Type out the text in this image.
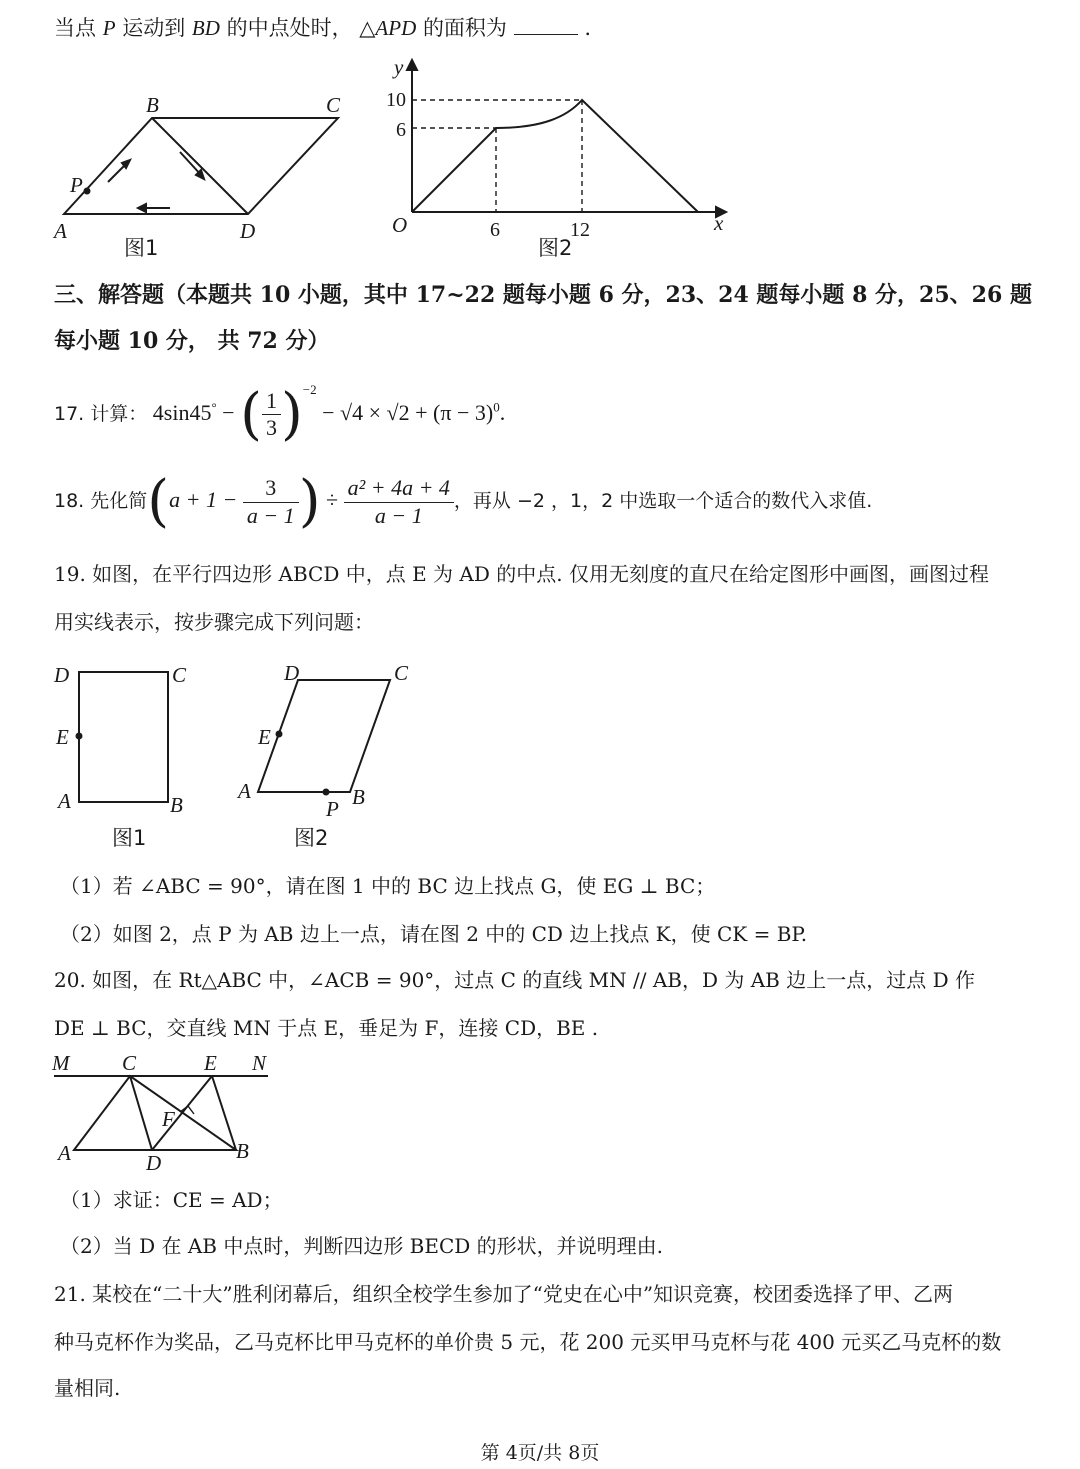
当点 P 运动到 BD 的中点处时， △APD 的面积为	.
B	C
A	D
P
图1
y
x
O
10
6
6	12
图2
三、解答题（本题共 10 小题，其中 17~22 题每小题 6 分，23、24 题每小题 8 分，25、26 题
每小题 10 分， 共 72 分）
17. 计算： 4sin45° − ( $\frac{1}{3} )^{-2} - √4 \times √2 + (\pi - 3)^0$.
18. 先化简($a + 1 - \frac{3}{a - 1}$ ) ÷ $\frac{\text{a² + 4a + 4}}{a - 1}$ ，再从 −2 ，1，2 中选取一个适合的数代入求值.
19. 如图，在平行四边形 ABCD 中，点 E 为 AD 的中点. 仅用无刻度的直尺在给定图形中画图，画图过程
用实线表示，按步骤完成下列问题：
D	C
E
A	B
图1
D	C
E
A	B
P
图2
（1）若 ∠ABC = 90°，请在图 1 中的 BC 边上找点 G，使 EG ⊥ BC；
（2）如图 2，点 P 为 AB 边上一点，请在图 2 中的 CD 边上找点 K，使 CK = BP.
20. 如图，在 Rt△ABC 中，∠ACB = 90°，过点 C 的直线 MN // AB，D 为 AB 边上一点，过点 D 作
DE ⊥ BC，交直线 MN 于点 E，垂足为 F，连接 CD，BE .
M	C	E N
F
A	D	B
（1）求证：CE = AD；
（2）当 D 在 AB 中点时，判断四边形 BECD 的形状，并说明理由.
21. 某校在“二十大”胜利闭幕后，组织全校学生参加了“党史在心中”知识竞赛，校团委选择了甲、乙两
种马克杯作为奖品，乙马克杯比甲马克杯的单价贵 5 元，花 200 元买甲马克杯与花 400 元买乙马克杯的数
量相同.
第 4页/共 8页
